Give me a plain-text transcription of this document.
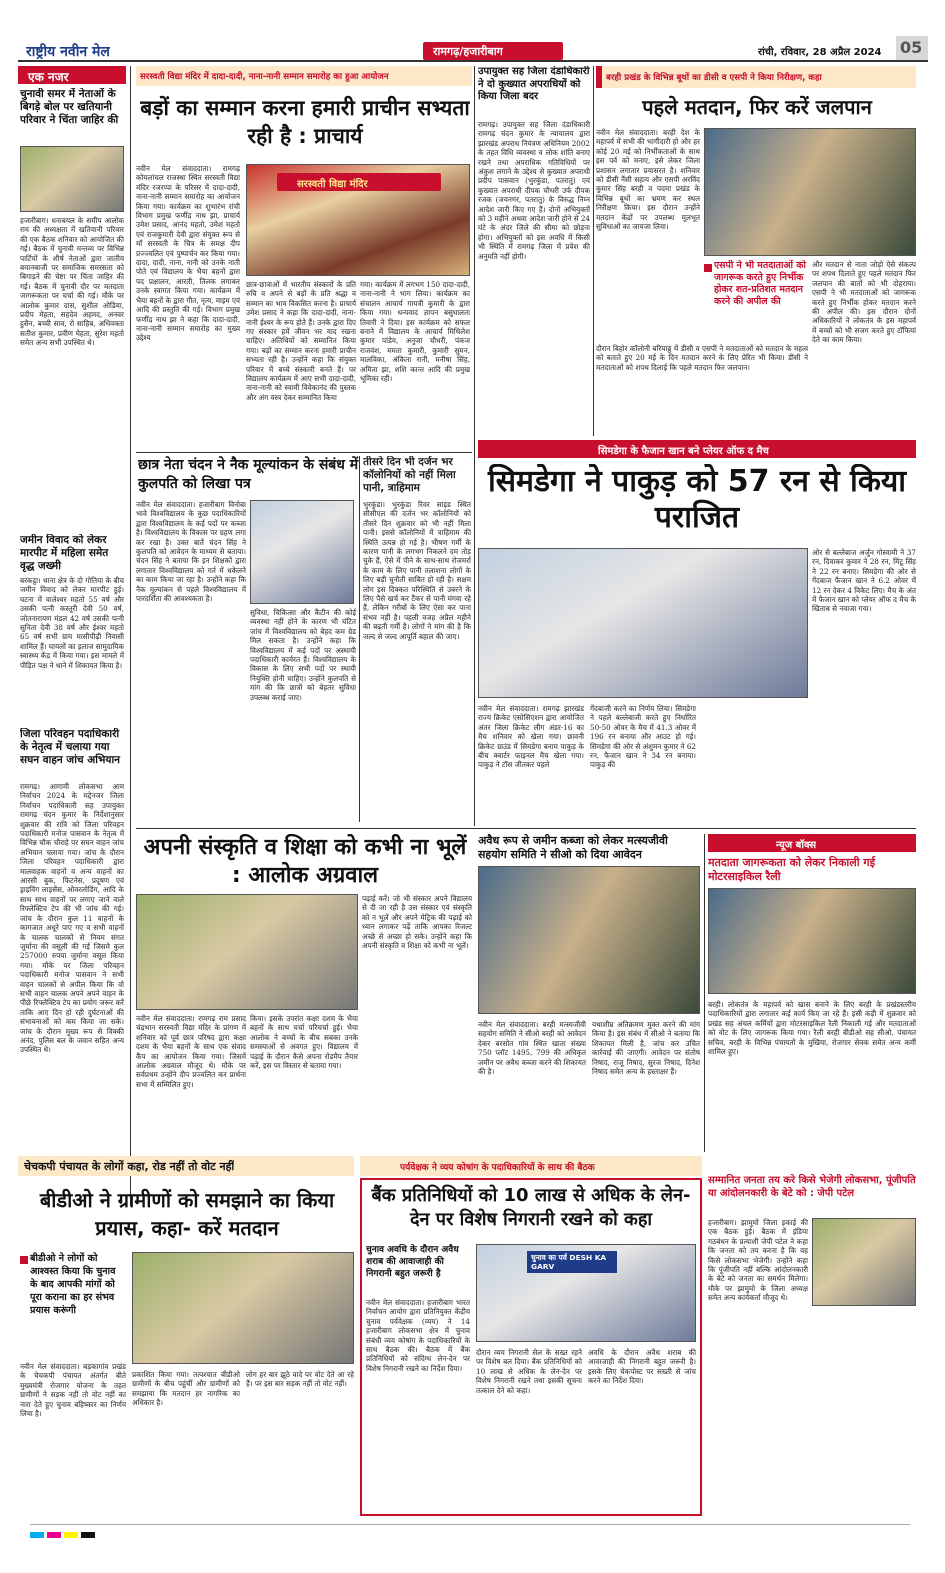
राष्ट्रीय नवीन मेल	रामगढ़/हजारीबाग	रांची, रविवार, 28 अप्रैल 2024 05
एक नजर
चुनावी समर में नेताओं के बिगड़े बोल पर खतियानी परिवार ने चिंता जाहिर की
हजारीबाग। धनाबयल के समीप आलोक राय की अध्यक्षता में खतियानी परिवार की एक बैठक शनिवार को आयोजित की गई। बैठक में चुनावी मन्तव्य पर विभिन्न पार्टियों के शीर्ष नेताओं द्वारा जातीय बयानबाजी पर समाजिक समरसता को बिगाड़ने की चेष्टा पर चिंता जाहिर की गई। बैठक में चुनावी दौर पर मतदाता जागरूकता पर चर्चा की गई। मौके पर आलोक कुमार दास, सुशील ओडिया, प्रदीप मेहता, सहदेव अहमद, अनवर हुसैन, बच्ची साव, रो साहिब, अधिवक्ता सतीश कुमार, प्रवीण मेहता, सुरेश महतो समेत अन्य सभी उपस्थित थे।
जमीन विवाद को लेकर मारपीट में महिला समेत वृद्ध जख्मी
बरकट्ठा। थाना क्षेत्र के दो गोतिया के बीच जमीन विवाद को लेकर मारपीट हुई। घटना में वालेश्वर महतो 55 वर्ष और उसकी पत्नी कस्तूरी देवी 50 वर्ष, जोतनारायण मंडल 42 वर्ष उसकी पत्नी सुनिता देवी 38 वर्ष और ईश्वर महतो 65 वर्ष सभी ग्राम मासीपीढ़ी निवासी शामिल हैं। घायलों का इलाज सामुदायिक स्वास्थ्य केंद्र में किया गया। इस मामले में पीड़ित पक्ष ने थाने में शिकायत किया है।
जिला परिवहन पदाधिकारी के नेतृत्व में चलाया गया सघन वाहन जांच अभियान
रामगढ़। आगामी लोकसभा आम निर्वाचन 2024 के मद्देनजर जिला निर्वाचन पदाधिकारी सह उपायुक्त रामगढ़ चंदन कुमार के निर्देशानुसार शुक्रवार की रात्रि को जिला परिवहन पदाधिकारी मनोज पासवान के नेतृत्व में विभिन्न चौक चौराहे पर सघन वाहन जांच अभियान चलाया गया। जांच के दौरान जिला परिवहन पदाधिकारी द्वारा मालवाहक वाहनों व अन्य वाहनों का आरसी बुक, फिटनेस, प्रदूषण एवं ड्राइविंग लाइसेंस, ओवरलोडिंग, आदि के साथ साथ वाहनों पर लगाए जाने वाले रिफ्लेक्टिव टेप की भी जांच की गई। जांच के दौरान कुल 11 वाहनों के कागजात अधूरे पाए गए व सभी वाहनों के चालक चालकों से नियम संगत जुर्माना की वसूली की गई जिसमे कुल 257000 रुपया जुर्माना वसूल किया गया। मौके पर जिला परिवहन पदाधिकारी मनोज पासवान ने सभी वाहन चालकों से अपील किया कि वो सभी वाहन चालक अपने अपने वाहन के पीछे रिफ्लेक्टिव टेप का प्रयोग जरूर करें ताकि आए दिन हो रही दुर्घटनाओं की संभावनाओं को कम किया जा सके। जांच के दौरान मुख्य रूप से विक्की अनंद, पुलिस बल के जवान सहित अन्य उपस्थित थे।
सरस्वती विद्या मंदिर में दादा-दादी, नाना-नानी सम्मान समारोह का हुआ आयोजन
बड़ों का सम्मान करना हमारी प्राचीन सभ्यता रही है : प्राचार्य
नवीन मेल संवाददाता। रामगढ़ कोयलांचल राजस्था स्थित सरस्वती विद्या मंदिर रजरप्पा के परिसर में दादा-दादी, नाना-नानी सम्मान समारोह का आयोजन किया गया। कार्यक्रम का शुभारंभ रांची विभाग प्रमुख फणींद्र नाथ झा, प्राचार्य उमेश प्रसाद, आनंद महतो, उमेश महतो एवं राजकुमारी देवी द्वारा संयुक्त रूप से माँ सरस्वती के चित्र के समक्ष दीप प्रज्ज्वलित एवं पुष्पार्चन कर किया गया। दादा, दादी, नाना, नानी को उनके नाती पोते एवं विद्यालय के भैया बहनों द्वारा पद प्रक्षालन, आरती, तिलक लगाकर उनके स्वागत किया गया। कार्यक्रम में भैया बहनों के द्वारा गीत, नृत्य, माइम एवं आदि की प्रस्तुति की गई। विभाग प्रमुख फणींद्र नाथ झा ने कहा कि दादा-दादी, नाना-नानी सम्मान समारोह का मुख्य उद्देश्य
सरस्वती विद्या मंदिर
छात्र-छात्राओं में भारतीय संस्कारों के प्रति रुचि व अपने से बड़ों के प्रति श्रद्धा व सम्मान का भाव विकसित करना है। प्राचार्य उमेश प्रसाद ने कहा कि दादा-दादी, नाना-नानी ईश्वर के रूप होते हैं। उनके द्वारा दिए गए संस्कार हमें जीवन भर याद रखना चाहिए। अतिथियों को सम्मानित किया गया। बड़ों का सम्मान करना हमारी प्राचीन सभ्यता रही है। उन्होंने कहा कि संयुक्त परिवार में बच्चे संस्कारी बनते हैं। पर विद्यालय कार्यक्रम में आए सभी दादा-दादी, नाना-नानी को स्वामी विवेकानंद की पुस्तक और अंग वस्त्र देकर सम्मानित किया
गया। कार्यक्रम में लगभग 150 दादा-दादी, नाना-नानी ने भाग लिया। कार्यक्रम का संचालन आचार्य गायत्री कुमारी के द्वारा किया गया। धन्यवाद ज्ञापन बसुधालता तिवारी ने दिया। इस कार्यक्रम को सफल बनाने में विद्यालय के आचार्य मिथिलेश कुमार पांडेय, अनुजा चौधरी, पंकज राजवंश, ममता कुमारी, कुमारी सुमन, मालविका, अंकिता रानी, मनीषा सिंह, अमिता झा, शशि कान्त आदि की प्रमुख भूमिका रही।
छात्र नेता चंदन ने नैक मूल्यांकन के संबंध में कुलपति को लिखा पत्र
नवीन मेल संवाददाता। हजारीबाग विनोबा भावे विश्वविद्यालय के कुछ पदाधिकारियों द्वारा विश्वविद्यालय के कई पदों पर कब्जा है। विश्वविद्यालय के विकास पर ग्रहण लगा कर रखा है। उक्त बातें चंदन सिंह ने कुलपति को आवेदन के माध्यम से बताया। चंदन सिंह ने बताया कि इन शिक्षकों द्वारा लगातार विश्वविद्यालय को गर्त में धकेलने का काम किया जा रहा है। उन्होंने कहा कि नैक मूल्यांकन से पहले विश्वविद्यालय में पारदर्शिता की आवश्यकता है।
सुविधा, चिकित्सा और कैंटीन की कोई व्यवस्था नहीं होने के कारण भी घंटित जांच में विश्वविद्यालय को बेहद कम ग्रेड मिल सकता है। उन्होंने कहा कि विश्वविद्यालय में कई पदों पर अस्थायी पदाधिकारी कार्यरत हैं। विश्वविद्यालय के विकास के लिए सभी पदों पर स्थायी नियुक्ति होनी चाहिए। उन्होंने कुलपति से मांग की कि छात्रों को बेहतर सुविधा उपलब्ध कराई जाए।
तीसरे दिन भी दर्जन भर कॉलोनियों को नहीं मिला पानी, त्राहिमाम
भुरकुंडा। भुरकुंडा रिवर साइड स्थित सीसीएल की दर्जन भर कॉलोनियों को तीसरे दिन शुक्रवार को भी नहीं मिला पानी। इससे कॉलोनियों में त्राहिमाम की स्थिति उत्पन्न हो गई है। भीषण गर्मी के कारण पानी के लगभग निकलने दम तोड़ चुके हैं, ऐसे में पीने के साथ-साथ रोजमर्रा के काम के लिए पानी तलाशना लोगों के लिए बड़ी चुनौती साबित हो रही है। सक्षम लोग इस दिक्कत परिस्थिति से उबरने के लिए पैसे खर्च कर टैंकर से पानी मंगवा रहे हैं, लेकिन गरीबों के लिए ऐसा कर पाना संभव नहीं है। पहली वजह अप्रैल महीने की बढ़ती गर्मी है। लोगों ने मांग की है कि जल्द से जल्द आपूर्ति बहाल की जाए।
उपायुक्त सह जिला दंडाधिकारी ने दो कुख्यात अपराधियों को किया जिला बदर
रामगढ़। उपायुक्त सह जिला दंडाधिकारी रामगढ़ चंदन कुमार के न्यायालय द्वारा झारखंड अपराध नियंत्रण अधिनियम 2002 के तहत विधि व्यवस्था व लोक शांति बनाए रखने तथा अपराधिक गतिविधियों पर अंकुश लगाने के उद्देश्य से कुख्यात अपराधी प्रदीप पासवान (भुरकुंडा, पतरातु) एवं कुख्यात अपराधी दीपक चौधरी उर्फ दीपक रजक (जयनगर, पतरातु) के विरुद्ध निम्न आदेश जारी किए गए हैं। दोनों अभियुक्तों को 3 महीने अथवा आदेश जारी होने से 24 घंटे के अंदर जिले की सीमा को छोड़ना होगा। अभियुक्तों को इस अवधि में किसी भी स्थिति में रामगढ़ जिला में प्रवेश की अनुमति नहीं होगी।
बरही प्रखंड के विभिन्न बूथों का डीसी व एसपी ने किया निरीक्षण, कहा
पहले मतदान, फिर करें जलपान
नवीन मेल संवाददाता। बरही देश के महापर्व में सभी की भागीदारी हो और हर कोई 20 मई को निर्भीकताओं के साथ इस पर्व को मनाए, इसे लेकर जिला प्रशासन लगातार प्रयासरत है। शनिवार को डीसी नैंसी सहाय और एसपी अरविंद कुमार सिंह बरही व पदमा प्रखंड के विभिन्न बूथों का भ्रमण कर स्थल निरीक्षण किया। इस दौरान उन्होंने मतदान केंद्रों पर उपलब्ध मूलभूत सुविधाओं का जायजा लिया।
एसपी ने भी मतदाताओं को जागरूक करते हुए निर्भीक होकर शत-प्रतिशत मतदान करने की अपील की
दौरान बिहोर कॉलोनी बरियाठ्ठ में डीसी व एसपी ने मतदाताओं को मतदान के महत्व को बताते हुए 20 मई के दिन मतदान करने के लिए प्रेरित भी किया। डीसी ने मतदाताओं को शपथ दिलाई कि पहले मतदान फिर जलपान।
और मतदान से नाता जोड़ो ऐसे संकल्प पर शपथ दिलाते हुए पहले मतदान फिर जलपान की बातों को भी दोहराया। एसपी ने भी मतदाताओं को जागरूक करते हुए निर्भीक होकर मतदान करने की अपील की। इस दौरान दोनों अधिकारियों ने लोकतंत्र के इस महापर्व में बच्चों को भी सजग करते हुए टॉफियां देते का काम किया।
सिमडेगा के फैजान खान बने प्लेयर ऑफ द मैच
सिमडेगा ने पाकुड़ को 57 रन से किया पराजित
नवीन मेल संवाददाता। रामगढ़ झारखंड राज्य क्रिकेट एसोसिएशन द्वारा आयोजित अंतर जिला क्रिकेट लीग अंडर-16 का मैच शनिवार को खेला गया। छावनी क्रिकेट ग्राउंड में सिमडेगा बनाम पाकुड़ के बीच क्वार्टर फाइनल मैच खेला गया। पाकुड़ ने टॉस जीतकर पहले
गेंदबाजी करने का निर्णय लिया। सिमडेगा ने पहले बल्लेबाजी करते हुए निर्धारित 50-50 ओवर के मैच में 41.3 ओवर में 196 रन बनाया और आउट हो गई। सिमडेगा की ओर से अंशुमन कुमार ने 62 रन, फैजान खान ने 34 रन बनाया। पाकुड़ की
ओर से बल्लेबाज अर्जुन गोस्वामी ने 37 रन, दिवाकर कुमार ने 28 रन, मिंटू सिंह ने 22 रन बनाए। सिमडेगा की ओर से गेंदबाज फैजान खान ने 6.2 ओवर में 12 रन देकर 4 विकेट लिए। मैच के अंत में फैजान खान को प्लेयर ऑफ द मैच के खिताब से नवाजा गया।
अपनी संस्कृति व शिक्षा को कभी ना भूलें : आलोक अग्रवाल
नवीन मेल संवाददाता। रामगढ़ राम प्रसाद चंद्रभान सरस्वती विद्या मंदिर के प्रांगण में शनिवार को पूर्व छात्र परिषद द्वारा कक्षा दशम के भैया बहनों के साथ एक संवाद कैंप का आयोजन किया गया। जिसमें आलोक अग्रवाल मौजूद थे। मौके पर सर्वप्रथम उन्होंने दीप प्रज्वलित कर प्रार्थना सभा में सम्मिलित हुए।
किया। इसके उपरांत कक्षा दशम के भैया बहनों के साथ चर्चा परिचर्चा हुई। भैया आलोक ने बच्चों के बीच सबका उनके समस्याओं से अवगत हुए। विद्यालय में पढ़ाई के दौरान कैसे अपना रोडमैप तैयार करें, इस पर विस्तार से बताया गया।
पढ़ाई करें। जो भी संस्कार अपने विद्यालय से दी जा रही है उस संस्कार एवं संस्कृति को न भूलें और अपने मेट्रिक की पढ़ाई को ध्यान लगाकर पढ़ें ताकि आपका रिजल्ट अच्छे से अच्छा हो सके। उन्होंने कहा कि अपनी संस्कृति व शिक्षा को कभी ना भूलें।
अवैध रूप से जमीन कब्जा को लेकर मत्स्यजीवी सहयोग समिति ने सीओ को दिया आवेदन
नवीन मेल संवाददाता। बरही मत्स्यजीवी सहयोग समिति ने सीओ बरही को आवेदन देकर बरसोत गांव स्थित खाता संख्या 750 प्लॉट 1495, 799 की अधिकृत जमीन पर अवैध कब्जा करने की शिकायत की है।
यथाशीघ्र अतिक्रमण मुक्त करने की मांग किया है। इस संबंध में सीओ ने बताया कि शिकायत मिली है, जांच कर उचित कार्रवाई की जाएगी। आवेदन पर संतोष निषाद, राजू निषाद, सुरज निषाद, दिनेश निषाद समेत अन्य के हस्ताक्षर हैं।
न्यूज बॉक्स
मतदाता जागरूकता को लेकर निकाली गई मोटरसाइकिल रैली
बरही। लोकतंत्र के महापर्व को खास बनाने के लिए बरही के प्रखंडस्तरीय पदाधिकारियों द्वारा लगातार कई कार्य किए जा रहे हैं। इसी कड़ी में शुक्रवार को प्रखंड सह अंचल कर्मियों द्वारा मोटरसाइकिल रैली निकाली गई और मतदाताओं को वोट के लिए जागरूक किया गया। रैली बरही बीडीओ सह सीओ, पंचायत सचिव, बरही के विभिन्न पंचायतों के मुखिया, रोजगार सेवक समेत अन्य कर्मी शामिल हुए।
सम्मानित जनता तय करे किसे भेजेगी लोकसभा, पूंजीपति या आंदोलनकारी के बेटे को : जेपी पटेल
हजारीबाग। झामुमो जिला इकाई की एक बैठक हुई। बैठक में इंडिया गठबंधन के प्रत्याशी जेपी पटेल ने कहा कि जनता को तय करना है कि वह किसे लोकसभा भेजेगी। उन्होंने कहा कि पूंजीपति नहीं बल्कि आंदोलनकारी के बेटे को जनता का समर्थन मिलेगा। मौके पर झामुमो के जिला अध्यक्ष समेत अन्य कार्यकर्ता मौजूद थे।
चेचकपी पंचायत के लोगों कहा, रोड नहीं तो वोट नहीं
बीडीओ ने ग्रामीणों को समझाने का किया प्रयास, कहा- करें मतदान
बीडीओ ने लोगों को आश्वस्त किया कि चुनाव के बाद आपकी मांगों को पूरा कराना का हर संभव प्रयास करूंगी
नवीन मेल संवाददाता। बड़कागांव प्रखंड के चेचकपी पंचायत अंतर्गत बीते मुख्यमंत्री रोजगार योजना के तहत ग्रामीणों ने सड़क नहीं तो वोट नहीं का नारा देते हुए चुनाव बहिष्कार का निर्णय लिया है।
प्रकाशित किया गया। तत्पश्चात बीडीओ ग्रामीणों के बीच पहुंचीं और ग्रामीणों को समझाया कि मतदान हर नागरिक का अधिकार है।
लोग हर बार झूठे वादे पर वोट देते आ रहे हैं। पर इस बार सड़क नहीं तो वोट नहीं।
पर्यवेक्षक ने व्यय कोषांग के पदाधिकारियों के साथ की बैठक
बैंक प्रतिनिधियों को 10 लाख से अधिक के लेन-देन पर विशेष निगरानी रखने को कहा
चुनाव अवधि के दौरान अवैध शराब की आवाजाही की निगरानी बहुत जरूरी है
चुनाव का पर्व DESH KA GARV
नवीन मेल संवाददाता। हजारीबाग भारत निर्वाचन आयोग द्वारा प्रतिनियुक्त केंद्रीय चुनाव पर्यवेक्षक (व्यय) ने 14 हजारीबाग लोकसभा क्षेत्र में चुनाव संबंधी व्यय कोषांग के पदाधिकारियों के साथ बैठक की। बैठक में बैंक प्रतिनिधियों को संदिग्ध लेन-देन पर विशेष निगरानी रखने का निर्देश दिया।
दौरान व्यय निगरानी सेल के सख्त रहने पर विशेष बल दिया। बैंक प्रतिनिधियों को 10 लाख से अधिक के लेन-देन पर विशेष निगरानी रखने तथा इसकी सूचना तत्काल देने को कहा।
अवधि के दौरान अवैध शराब की आवाजाही की निगरानी बहुत जरूरी है। इसके लिए चेकपोस्ट पर सख्ती से जांच करने का निर्देश दिया।
